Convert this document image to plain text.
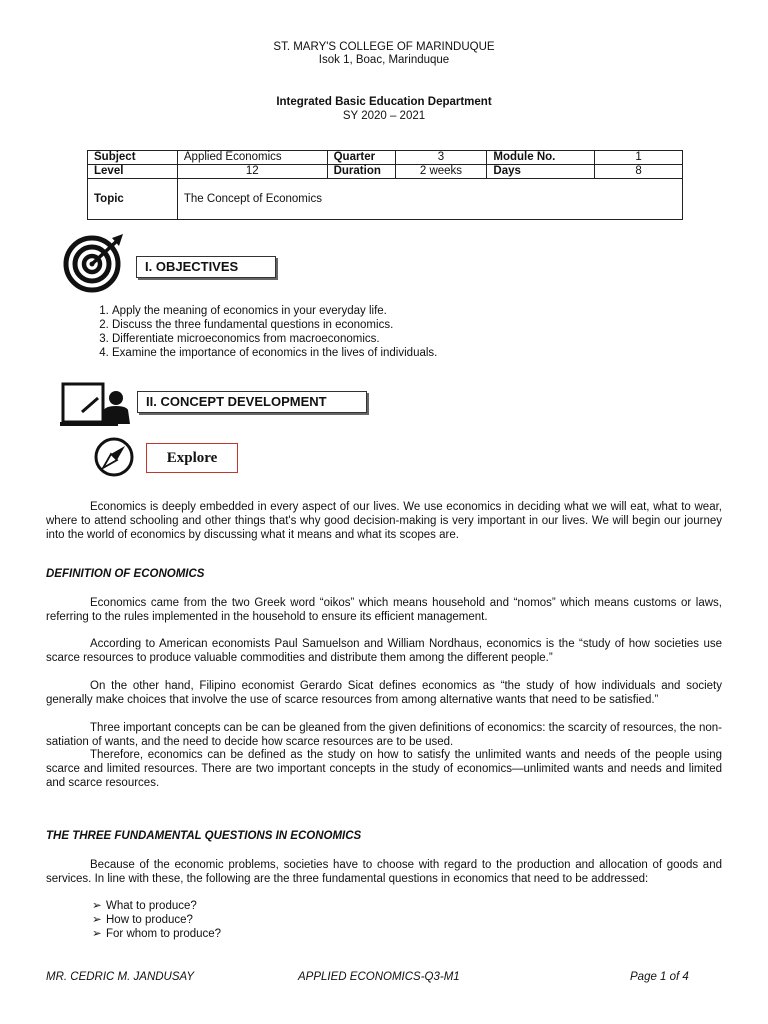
ST. MARY'S COLLEGE OF MARINDUQUE
Isok 1, Boac, Marinduque
Integrated Basic Education Department
SY 2020 – 2021
Subject	Applied Economics	Quarter	3	Module No.	1
Level	12	Duration	2 weeks	Days	8
Topic	The Concept of Economics				
I. OBJECTIVES
1. Apply the meaning of economics in your everyday life.
2. Discuss the three fundamental questions in economics.
3. Differentiate microeconomics from macroeconomics.
4. Examine the importance of economics in the lives of individuals.
II. CONCEPT DEVELOPMENT
Explore

Economics is deeply embedded in every aspect of our lives. We use economics in deciding what we will eat, what to wear, where to attend schooling and other things that's why good decision-making is very important in our lives. We will begin our journey into the world of economics by discussing what it means and what its scopes are.

DEFINITION OF ECONOMICS

Economics came from the two Greek word “oikos” which means household and “nomos” which means customs or laws, referring to the rules implemented in the household to ensure its efficient management.

According to American economists Paul Samuelson and William Nordhaus, economics is the “study of how societies use scarce resources to produce valuable commodities and distribute them among the different people.”

On the other hand, Filipino economist Gerardo Sicat defines economics as “the study of how individuals and society generally make choices that involve the use of scarce resources from among alternative wants that need to be satisfied.”

Three important concepts can be can be gleaned from the given definitions of economics: the scarcity of resources, the non-satiation of wants, and the need to decide how scarce resources are to be used.

Therefore, economics can be defined as the study on how to satisfy the unlimited wants and needs of the people using scarce and limited resources. There are two important concepts in the study of economics—unlimited wants and needs and limited and scarce resources.

THE THREE FUNDAMENTAL QUESTIONS IN ECONOMICS

Because of the economic problems, societies have to choose with regard to the production and allocation of goods and services. In line with these, the following are the three fundamental questions in economics that need to be addressed:

➢ What to produce?
➢ How to produce?
➢ For whom to produce?
MR. CEDRIC M. JANDUSAY	APPLIED ECONOMICS-Q3-M1	Page 1 of 4
